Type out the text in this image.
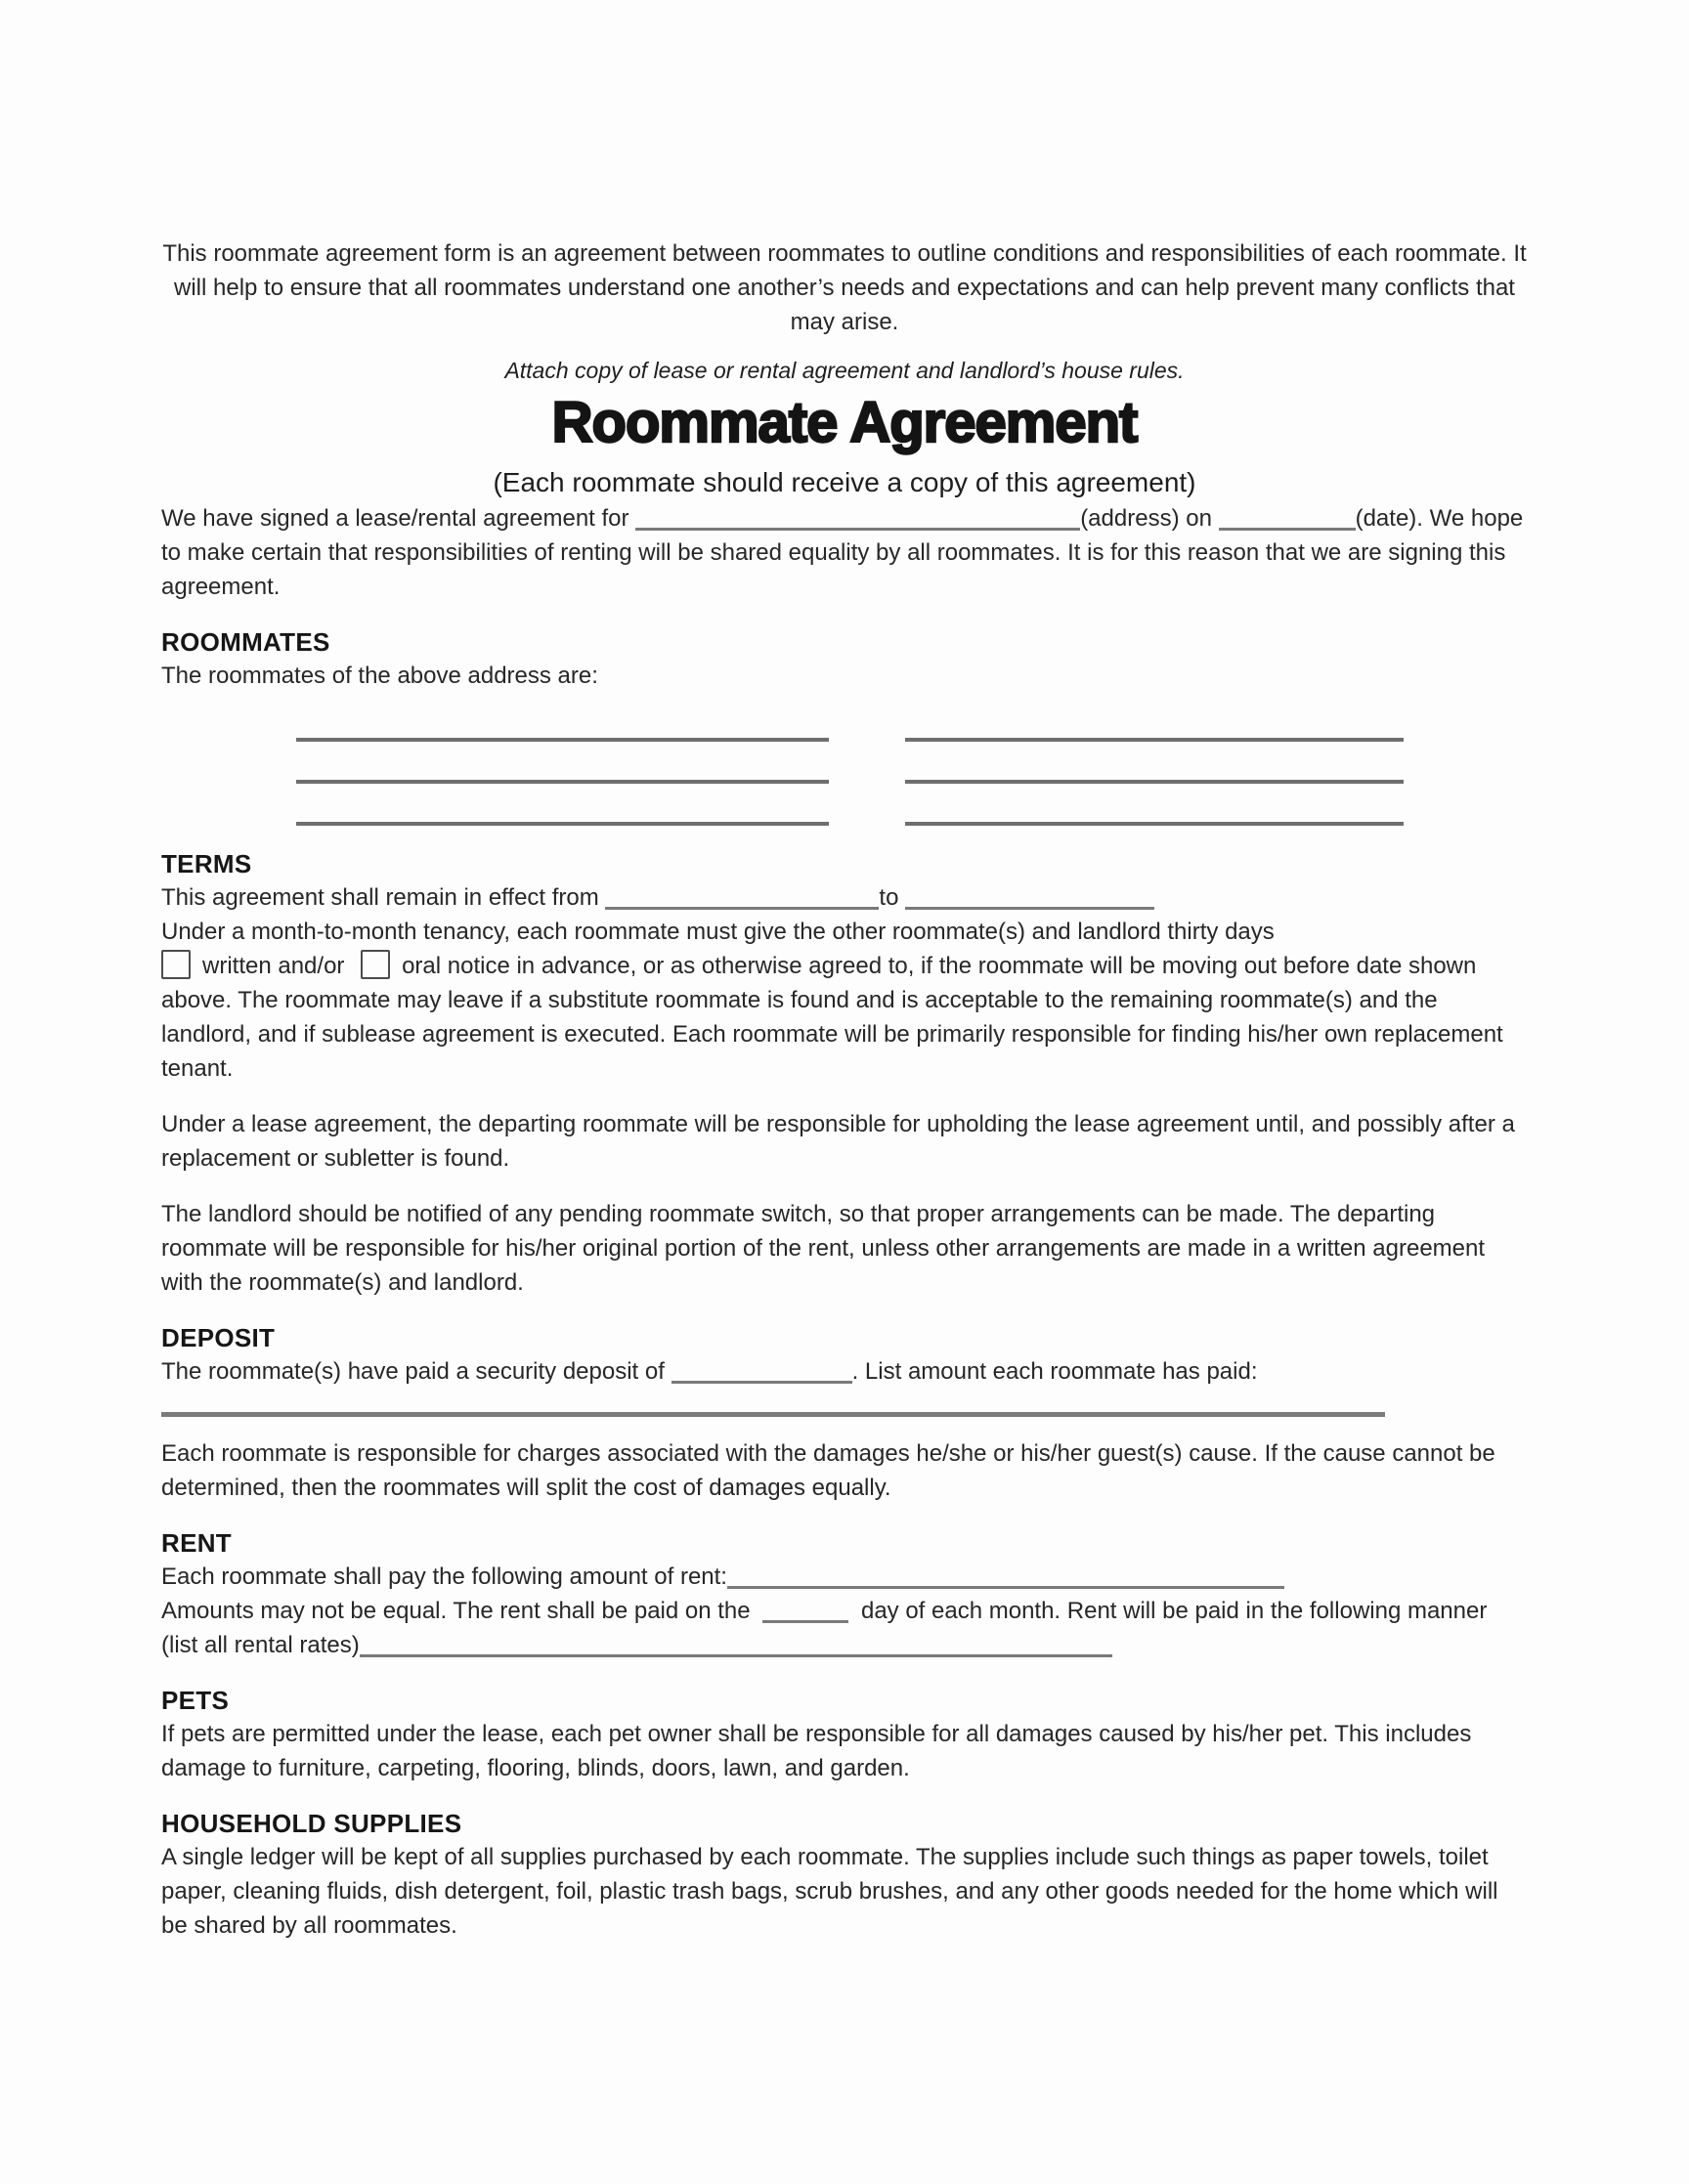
This roommate agreement form is an agreement between roommates to outline conditions and responsibilities of each roommate. It will help to ensure that all roommates understand one another’s needs and expectations and can help prevent many conflicts that may arise.

Attach copy of lease or rental agreement and landlord’s house rules.
Roommate Agreement
(Each roommate should receive a copy of this agreement)

We have signed a lease/rental agreement for	(address) on	(date). We hope to make certain that responsibilities of renting will be shared equality by all roommates. It is for this reason that we are signing this agreement.

ROOMMATES

The roommates of the above address are:

TERMS
This agreement shall remain in effect from	to
Under a month-to-month tenancy, each roommate must give the other roommate(s) and landlord thirty days
written and/or oral notice in advance, or as otherwise agreed to, if the roommate will be moving out before date shown above. The roommate may leave if a substitute roommate is found and is acceptable to the remaining roommate(s) and the landlord, and if sublease agreement is executed. Each roommate will be primarily responsible for finding his/her own replacement tenant.

Under a lease agreement, the departing roommate will be responsible for upholding the lease agreement until, and possibly after a replacement or subletter is found.

The landlord should be notified of any pending roommate switch, so that proper arrangements can be made. The departing roommate will be responsible for his/her original portion of the rent, unless other arrangements are made in a written agreement with the roommate(s) and landlord.

DEPOSIT
The roommate(s) have paid a security deposit of	. List amount each roommate has paid:

Each roommate is responsible for charges associated with the damages he/she or his/her guest(s) cause. If the cause cannot be determined, then the roommates will split the cost of damages equally.

RENT
Each roommate shall pay the following amount of rent:
Amounts may not be equal. The rent shall be paid on the	day of each month. Rent will be paid in the following manner (list all rental rates)
PETS

If pets are permitted under the lease, each pet owner shall be responsible for all damages caused by his/her pet. This includes damage to furniture, carpeting, flooring, blinds, doors, lawn, and garden.

HOUSEHOLD SUPPLIES

A single ledger will be kept of all supplies purchased by each roommate. The supplies include such things as paper towels, toilet paper, cleaning fluids, dish detergent, foil, plastic trash bags, scrub brushes, and any other goods needed for the home which will be shared by all roommates.
